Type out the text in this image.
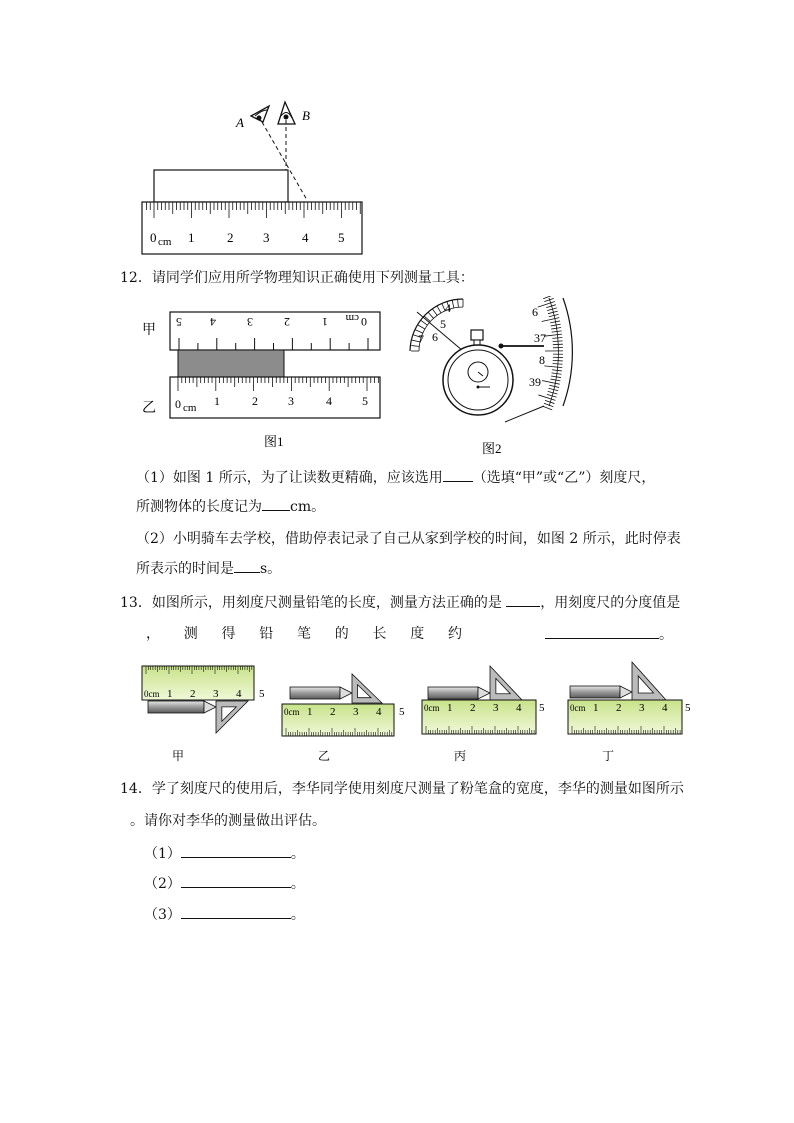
A	B
0 cm 1	2 3	4 5
12．请同学们应用所学物理知识正确使用下列测量工具：
甲
乙
0
cm
1
2
3
4
5
0 cm 1	2	3	4	5
图1
4
5
6
7
6
37
8
39
图2
（1）如图 1 所示，为了让读数更精确，应该选用 （选填“甲”或“乙”）刻度尺，
所测物体的长度记为 cm。
（2）小明骑车去学校，借助停表记录了自己从家到学校的时间，如图 2 所示，此时停表
所表示的时间是 s。
13．如图所示，用刻度尺测量铅笔的长度，测量方法正确的是	，用刻度尺的分度值是
， 测 得 铅 笔 的 长 度 约	。
0cm 1 2 3 4 5
0cm 1 2 3 4 5 0cm 1 2 3 4 5	0cm 1 2 3 4 5
甲	乙	丙	丁
14．学了刻度尺的使用后，李华同学使用刻度尺测量了粉笔盒的宽度，李华的测量如图所示
。请你对李华的测量做出评估。
（1）	。
（2）	。
（3）	。
